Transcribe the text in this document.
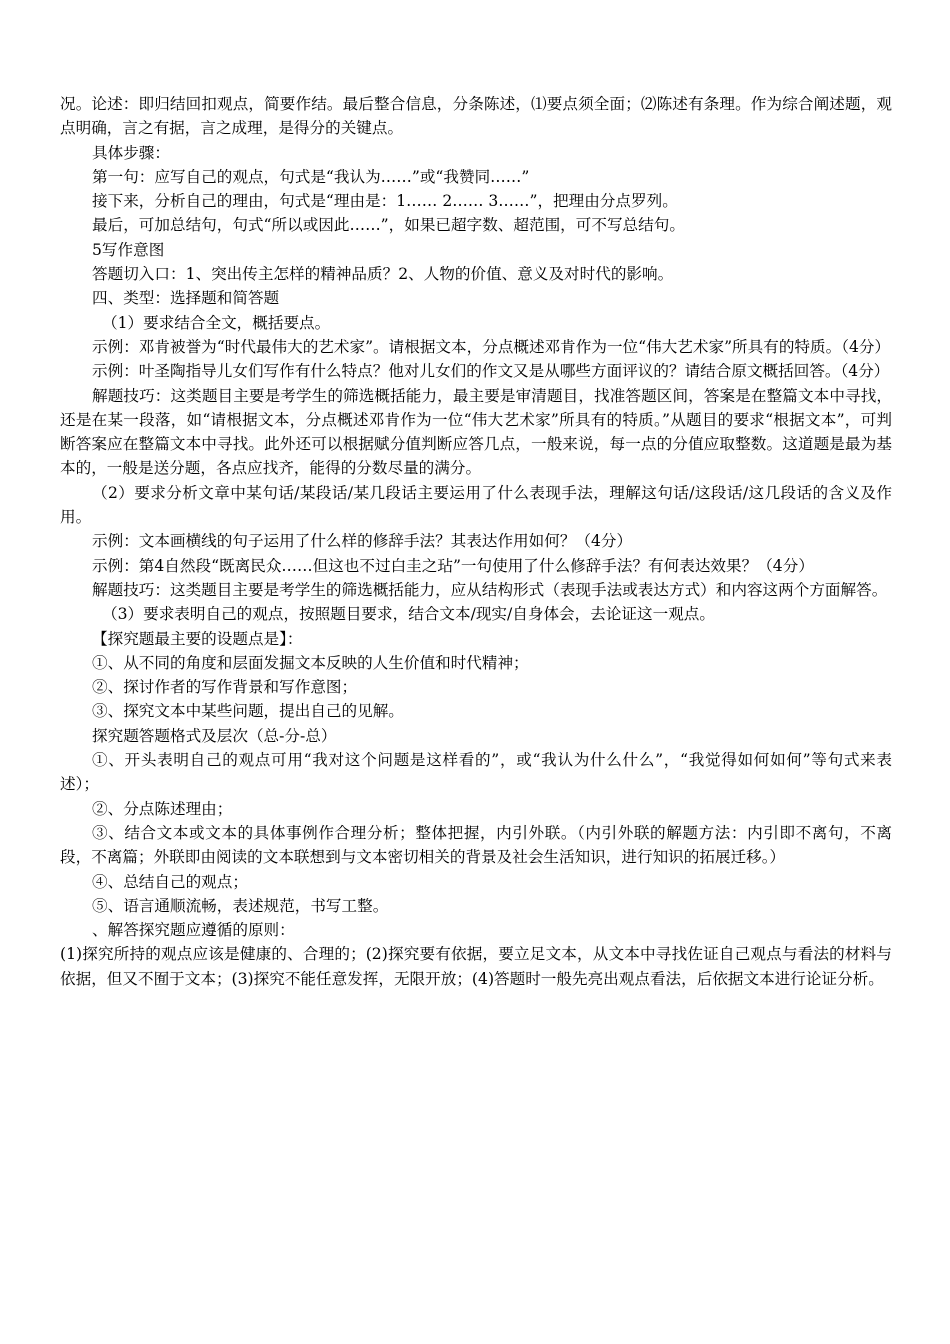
况。论述：即归结回扣观点，简要作结。最后整合信息，分条陈述，⑴要点须全面；⑵陈述有条理。作为综合阐述题，观点明确，言之有据，言之成理，是得分的关键点。

具体步骤：

第一句：应写自己的观点，句式是“我认为……”或“我赞同……”

接下来，分析自己的理由，句式是“理由是：1…… 2…… 3……”，把理由分点罗列。

最后，可加总结句，句式“所以或因此……”，如果已超字数、超范围，可不写总结句。

5写作意图

答题切入口：1、突出传主怎样的精神品质？2、人物的价值、意义及对时代的影响。

四、类型：选择题和简答题

（1）要求结合全文，概括要点。

示例：邓肯被誉为“时代最伟大的艺术家”。请根据文本，分点概述邓肯作为一位“伟大艺术家”所具有的特质。（4分）

示例：叶圣陶指导儿女们写作有什么特点？他对儿女们的作文又是从哪些方面评议的？请结合原文概括回答。（4分）

解题技巧：这类题目主要是考学生的筛选概括能力，最主要是审清题目，找准答题区间，答案是在整篇文本中寻找，还是在某一段落，如“请根据文本，分点概述邓肯作为一位“伟大艺术家”所具有的特质。”从题目的要求“根据文本”，可判断答案应在整篇文本中寻找。此外还可以根据赋分值判断应答几点，一般来说，每一点的分值应取整数。这道题是最为基本的，一般是送分题，各点应找齐，能得的分数尽量的满分。

（2）要求分析文章中某句话/某段话/某几段话主要运用了什么表现手法，理解这句话/这段话/这几段话的含义及作用。

示例：文本画横线的句子运用了什么样的修辞手法？其表达作用如何？（4分）

示例：第4自然段“既离民众……但这也不过白圭之玷”一句使用了什么修辞手法？有何表达效果？（4分）

解题技巧：这类题目主要是考学生的筛选概括能力，应从结构形式（表现手法或表达方式）和内容这两个方面解答。

（3）要求表明自己的观点，按照题目要求，结合文本/现实/自身体会，去论证这一观点。

【探究题最主要的设题点是】：

①、从不同的角度和层面发掘文本反映的人生价值和时代精神；

②、探讨作者的写作背景和写作意图；

③、探究文本中某些问题，提出自己的见解。

探究题答题格式及层次（总-分-总）

①、开头表明自己的观点可用“我对这个问题是这样看的”，或“我认为什么什么”，“我觉得如何如何”等句式来表述）；

②、分点陈述理由；

③、结合文本或文本的具体事例作合理分析；整体把握，内引外联。（内引外联的解题方法：内引即不离句，不离段，不离篇；外联即由阅读的文本联想到与文本密切相关的背景及社会生活知识，进行知识的拓展迁移。）

④、总结自己的观点；

⑤、语言通顺流畅，表述规范，书写工整。

、解答探究题应遵循的原则：

(1)探究所持的观点应该是健康的、合理的；(2)探究要有依据，要立足文本，从文本中寻找佐证自己观点与看法的材料与依据，但又不囿于文本；(3)探究不能任意发挥，无限开放；(4)答题时一般先亮出观点看法，后依据文本进行论证分析。
